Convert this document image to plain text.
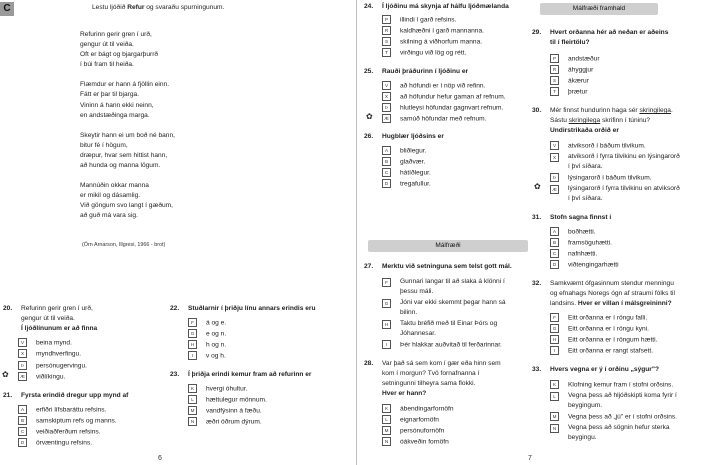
C	Lestu ljóðið Refur og svaraðu spurningunum.
Refurinn gerir gren í urð,
gengur út til veiða.
Oft er bágt og bjargarþurrð
í búi fram til heiða.
Flæmdur er hann á fjöllin einn.
Fátt er þar til bjarga.
Vininn á hann ekki neinn,
en andstæðinga marga.
Skeytir hann ei um boð né bann,
bitur fé í högum,
dræpur, hvar sem hittist hann,
að hunda og manna lögum.
Mannúðin okkar manna
er mikil og dásamlig.
Við göngum svo langt í gæðum,
að guð má vara sig.
(Örn Arnarson, Illgresi, 1966 - brot)
6
20. Refurinn gerir gren í urð,
gengur út til veiða.
Í ljóðlínunum er að finna
V beina mynd.
X myndhverfingu.
Þ persónugervingu.
✿	Æ viðlíkingu.
21. Fyrsta erindið dregur upp mynd af
A erfiðri lífsbaráttu refsins.
B samskiptum refs og manns.
C veiðiaðferðum refsins.
D örvæntingu refsins.
22. Stuðlarnir í þriðju línu annars erindis eru
F á og e.
G e og n.
H h og n.
I v og h.
23. Í þriðja erindi kemur fram að refurinn er
K hvergi óhultur.
L hættulegur mönnum.
M vandfýsinn á fæðu.
N æðri öðrum dýrum.
Málfræði framhald
Málfræði
7
24. Í ljóðinu má skynja af hálfu ljóðmælanda
P illindi í garð refsins.
R kaldhæðni í garð mannanna.
S skilning á viðhorfum manna.
T virðingu við lög og rétt.
25. Rauði þráðurinn í ljóðinu er
V að höfundi er í nöp við refinn.
X að höfundur hefur gaman af refnum.
Þ hlutleysi höfundar gagnvart refnum.
✿	Æ samúð höfundar með refnum.
26. Hugblær ljóðsins er
A bliðlegur.
B glaðvær.
C hátíðlegur.
D tregafullur.
27. Merktu við setninguna sem telst gott mál.
F Gunnari langar til að slaka á klönni í
þessu máli.
G Jóni var ekki skemmt þegar hann sá
bilinn.
H Taktu bréfið með til Einar Þórs og
Jóhannesar.
I Þér hlakkar auðvitað til ferðarinnar.
28. Var það sá sem kom í gær eða hinn sem
kom í morgun? Tvö fornafnanna í
setningunni tilheyra sama flokki.
Hver er hann?
K ábendingarfornöfn
L eignarfornöfn
M persónufornöfn
N óákveðin fornöfn
29. Hvert orðanna hér að neðan er aðeins
til í fleirtölu?
P andstæður
R áhyggjur
S ákærur
T þrætur
30. Mér finnst hundurinn haga sér skringilega.
Sástu skringilega skrifinn í túninu?
Undirstrikaða orðið er
V atviksorð í báðum tilvikum.
X atviksorð í fyrra tilvikinu en lýsingarorð
í því síðara.
Þ lýsingarorð í báðum tilvikum.
✿	Æ lýsingarorð í fyrra tilvikinu en atviksorð
í því síðara.
31. Stofn sagna finnst í
A boðhætti.
B framsöguhætti.
C nafnhætti.
D viðtengingarhætti
32. Samkvæmt ófgasinnum stendur menningu
og efnahags Noregs ógn af straumi fólks til
landsins. Hver er villan í málsgreininni?
F Eitt orðanna er í röngu falli.
G Eitt orðanna er í röngu kyni.
H Eitt orðanna er í röngum hætti.
I Eitt orðanna er rangt stafsett.
33. Hvers vegna er ý í orðinu „sýgur"?
K Klofning kemur fram í stofni orðsins.
L Vegna þess að hljóðskipti koma fyrir í
beygingum.
M Vegna þess að „jú" er í stofni orðsins.
N Vegna þess að sögnin hefur sterka
beygingu.
